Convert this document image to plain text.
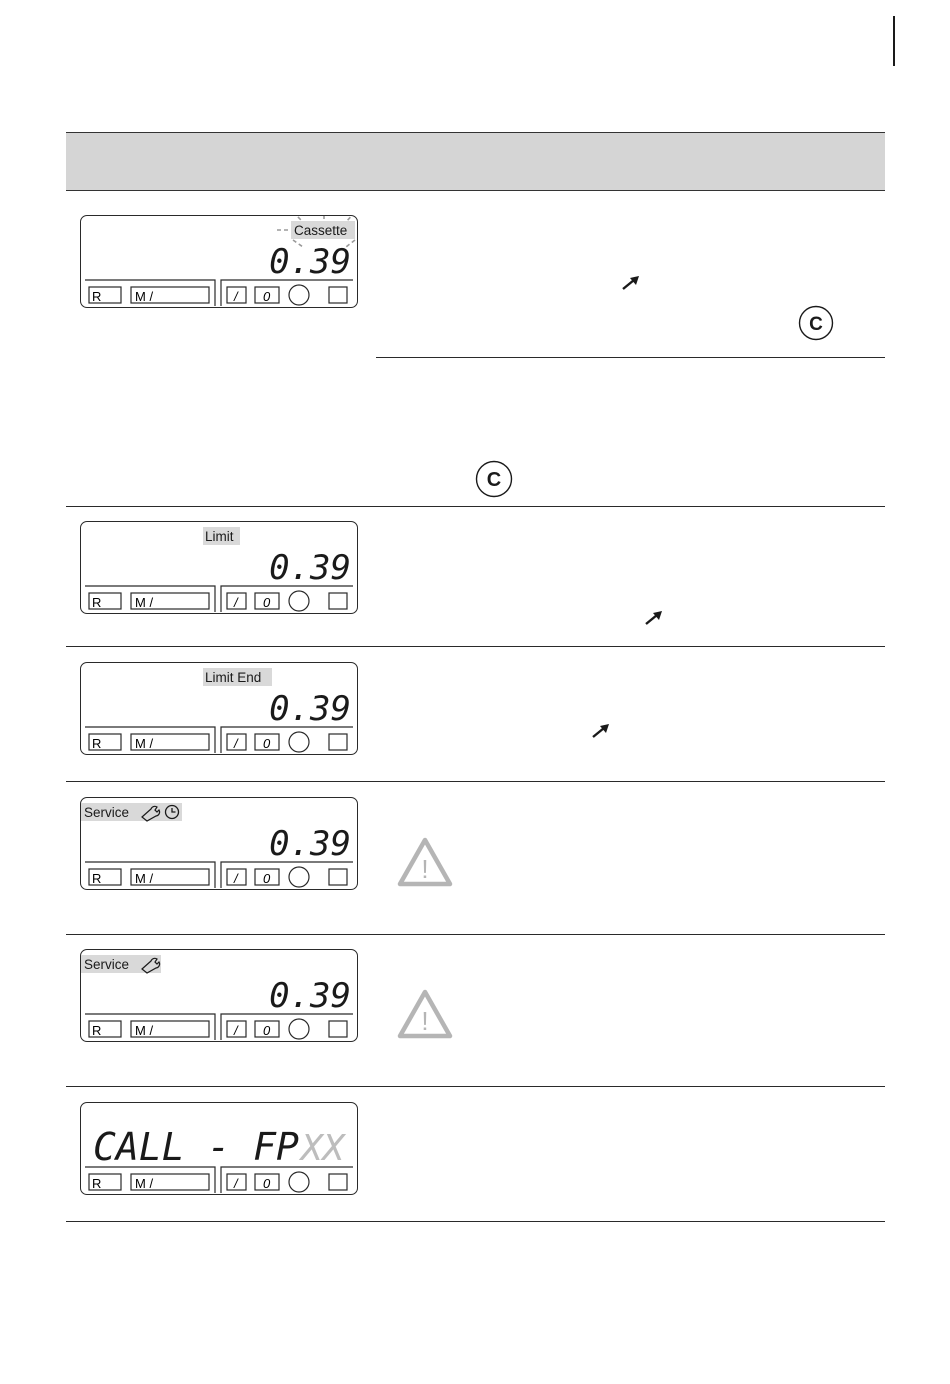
Cassette
0.39
R	M /	/ 0
C
C
Limit
0.39
R	M /	/ 0
Limit End
0.39
R	M /	/ 0
Service
0.39
R	M /	/ 0	!
Service
0.39
R	M /	/ 0	!
CALL - FP XX
R	M /	/ 0
